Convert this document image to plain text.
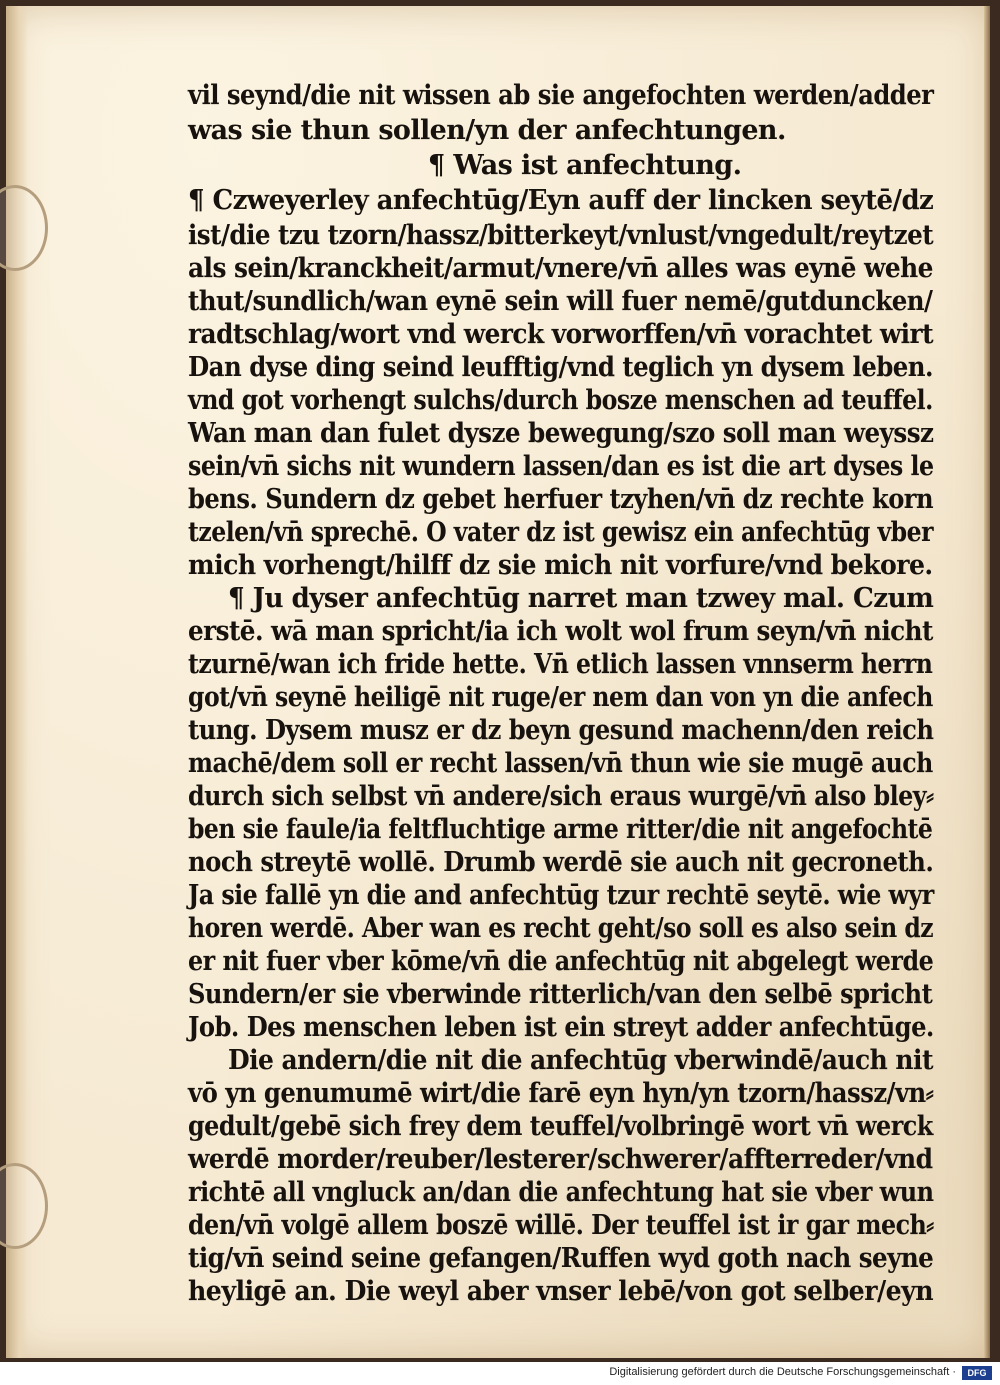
vil seynd/die nit wissen ab sie angefochten werden/adder
was sie thun sollen/yn der anfechtungen.
¶ Was ist anfechtung.
¶ Czweyerley anfechtūg/Eyn auff der lincken seytē/dz
ist/die tzu tzorn/hassz/bitterkeyt/vnlust/vngedult/reytzet
als sein/kranckheit/armut/vnere/vn̄ alles was eynē wehe
thut/sundlich/wan eynē sein will fuer nemē/gutduncken/
radtschlag/wort vnd werck vorworffen/vn̄ vorachtet wirt
Dan dyse ding seind leufftig/vnd teglich yn dysem leben.
vnd got vorhengt sulchs/durch bosze menschen ad teuffel.
Wan man dan fulet dysze bewegung/szo soll man weyssz
sein/vn̄ sichs nit wundern lassen/dan es ist die art dyses le
bens. Sundern dz gebet herfuer tzyhen/vn̄ dz rechte korn
tzelen/vn̄ sprechē. O vater dz ist gewisz ein anfechtūg vber
mich vorhengt/hilff dz sie mich nit vorfure/vnd bekore.
¶ Ju dyser anfechtūg narret man tzwey mal. Czum
erstē. wā man spricht/ia ich wolt wol frum seyn/vn̄ nicht
tzurnē/wan ich fride hette. Vn̄ etlich lassen vnnserm herrn
got/vn̄ seynē heiligē nit ruge/er nem dan von yn die anfech
tung. Dysem musz er dz beyn gesund machenn/den reich
machē/dem soll er recht lassen/vn̄ thun wie sie mugē auch
durch sich selbst vn̄ andere/sich eraus wurgē/vn̄ also bley⸗
ben sie faule/ia feltfluchtige arme ritter/die nit angefochtē
noch streytē wollē. Drumb werdē sie auch nit gecroneth.
Ja sie fallē yn die and anfechtūg tzur rechtē seytē. wie wyr
horen werdē. Aber wan es recht geht/so soll es also sein dz
er nit fuer vber kōme/vn̄ die anfechtūg nit abgelegt werde
Sundern/er sie vberwinde ritterlich/van den selbē spricht
Job. Des menschen leben ist ein streyt adder anfechtūge.
Die andern/die nit die anfechtūg vberwindē/auch nit
vō yn genumumē wirt/die farē eyn hyn/yn tzorn/hassz/vn⸗
gedult/gebē sich frey dem teuffel/volbringē wort vn̄ werck
werdē morder/reuber/lesterer/schwerer/affterreder/vnd
richtē all vngluck an/dan die anfechtung hat sie vber wun
den/vn̄ volgē allem boszē willē. Der teuffel ist ir gar mech⸗
tig/vn̄ seind seine gefangen/Ruffen wyd goth nach seyne
heyligē an. Die weyl aber vnser lebē/von got selber/eyn
Digitalisierung gefördert durch die Deutsche Forschungsgemeinschaft ·	DFG
